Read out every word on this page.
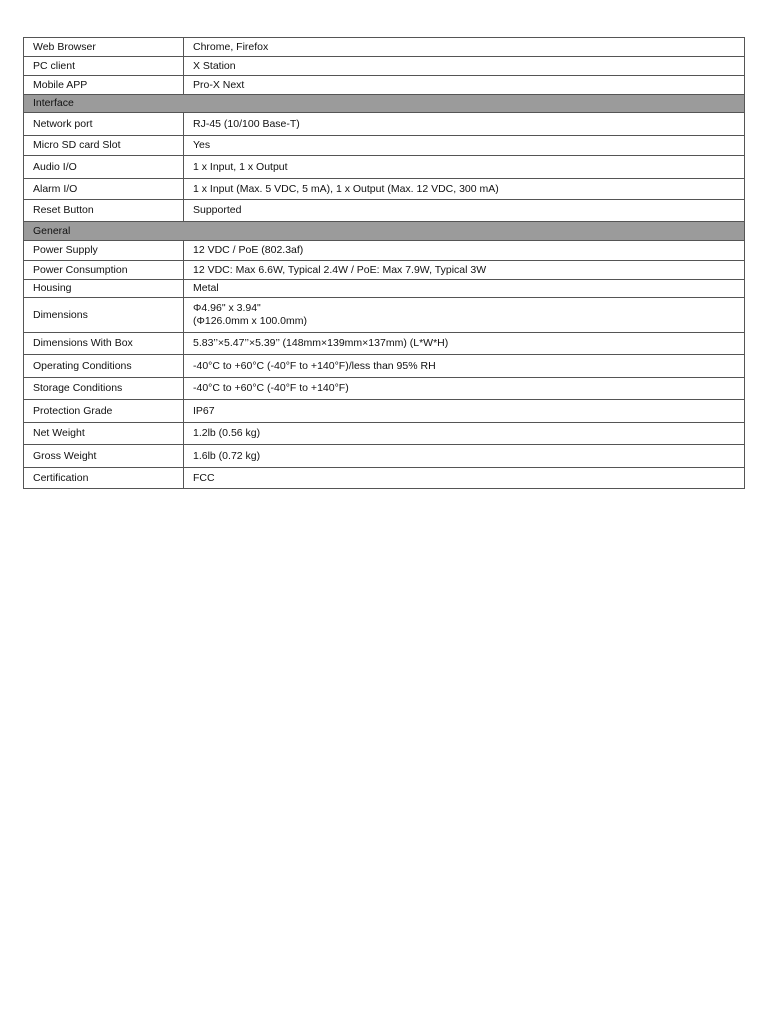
Web Browser	Chrome, Firefox
PC client	X Station
Mobile APP	Pro-X Next
Interface	
Network port	RJ-45 (10/100 Base-T)
Micro SD card Slot	Yes
Audio I/O	1 x Input, 1 x Output
Alarm I/O	1 x Input (Max. 5 VDC, 5 mA), 1 x Output (Max. 12 VDC, 300 mA)
Reset Button	Supported
General	
Power Supply	12 VDC / PoE (802.3af)
Power Consumption	12 VDC: Max 6.6W, Typical 2.4W / PoE: Max 7.9W, Typical 3W
Housing	Metal
Dimensions	Φ4.96" x 3.94"
(Φ126.0mm x 100.0mm)

Dimensions With Box	5.83’’×5.47’’×5.39’’ (148mm×139mm×137mm) (L*W*H)
Operating Conditions	-40°C to +60°C (-40°F to +140°F)/less than 95% RH
Storage Conditions	-40°C to +60°C (-40°F to +140°F)
Protection Grade	IP67
Net Weight	1.2lb (0.56 kg)
Gross Weight	1.6lb (0.72 kg)
Certification	FCC
